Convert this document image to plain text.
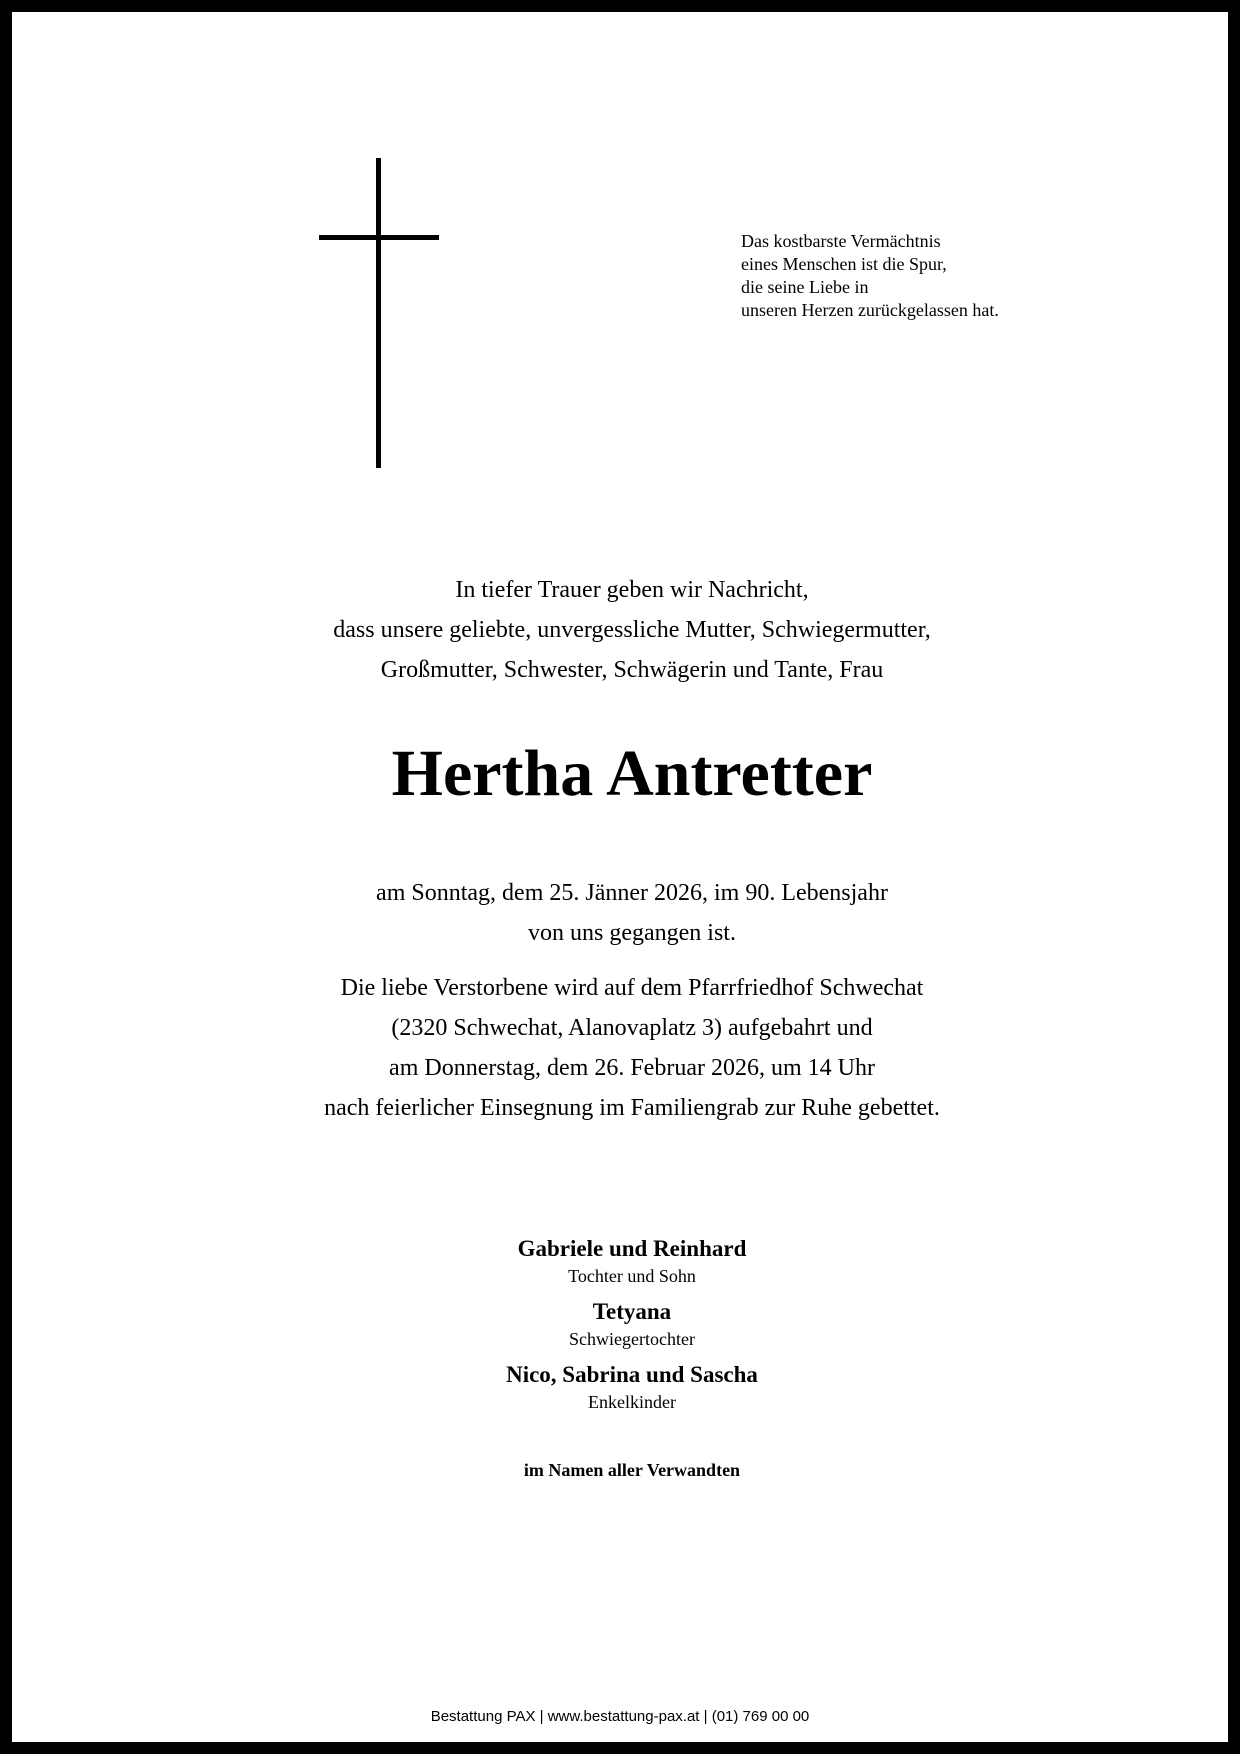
Das kostbarste Vermächtnis
eines Menschen ist die Spur,
die seine Liebe in
unseren Herzen zurückgelassen hat.
In tiefer Trauer geben wir Nachricht,
dass unsere geliebte, unvergessliche Mutter, Schwiegermutter,
Großmutter, Schwester, Schwägerin und Tante, Frau
Hertha Antretter
am Sonntag, dem 25. Jänner 2026, im 90. Lebensjahr
von uns gegangen ist.
Die liebe Verstorbene wird auf dem Pfarrfriedhof Schwechat
(2320 Schwechat, Alanovaplatz 3) aufgebahrt und
am Donnerstag, dem 26. Februar 2026, um 14 Uhr
nach feierlicher Einsegnung im Familiengrab zur Ruhe gebettet.
Gabriele und Reinhard
Tochter und Sohn
Tetyana
Schwiegertochter
Nico, Sabrina und Sascha
Enkelkinder
im Namen aller Verwandten
Bestattung PAX | www.bestattung-pax.at | (01) 769 00 00
